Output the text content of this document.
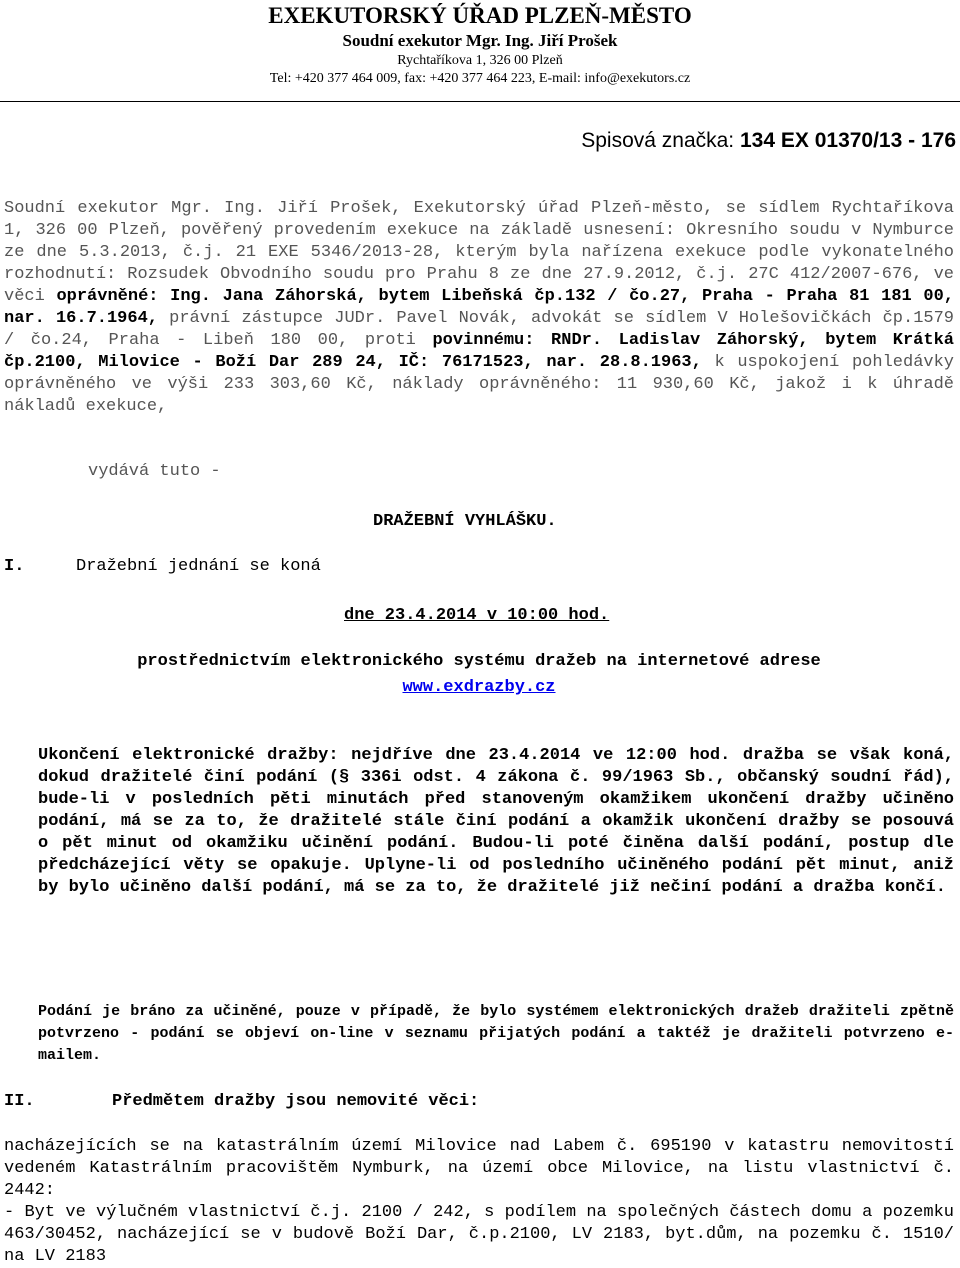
EXEKUTORSKÝ ÚŘAD PLZEŇ-MĚSTO
Soudní exekutor Mgr. Ing. Jiří Prošek
Rychtaříkova 1, 326 00 Plzeň
Tel: +420 377 464 009, fax: +420 377 464 223, E-mail: info@exekutors.cz
Spisová značka: 134 EX 01370/13 - 176
Soudní exekutor Mgr. Ing. Jiří Prošek, Exekutorský úřad Plzeň-město, se sídlem Rychtaříkova 1, 326 00 Plzeň, pověřený provedením exekuce na základě usnesení: Okresního soudu v Nymburce ze dne 5.3.2013, č.j. 21 EXE 5346/2013-28, kterým byla nařízena exekuce podle vykonatelného rozhodnutí: Rozsudek Obvodního soudu pro Prahu 8 ze dne 27.9.2012, č.j. 27C 412/2007-676, ve věci oprávněné: Ing. Jana Záhorská, bytem Libeňská čp.132 / čo.27, Praha - Praha 81 181 00, nar. 16.7.1964, právní zástupce JUDr. Pavel Novák, advokát se sídlem V Holešovičkách čp.1579 / čo.24, Praha - Libeň 180 00, proti povinnému: RNDr. Ladislav Záhorský, bytem Krátká čp.2100, Milovice - Boží Dar 289 24, IČ: 76171523, nar. 28.8.1963, k uspokojení pohledávky oprávněného ve výši 233 303,60 Kč, náklady oprávněného: 11 930,60 Kč, jakož i k úhradě nákladů exekuce,
vydává tuto -
DRAŽEBNÍ VYHLÁŠKU.
I.	Dražební jednání se koná
dne 23.4.2014 v 10:00 hod.
prostřednictvím elektronického systému dražeb na internetové adrese
www.exdrazby.cz
Ukončení elektronické dražby: nejdříve dne 23.4.2014 ve 12:00 hod. dražba se však koná, dokud dražitelé činí podání (§ 336i odst. 4 zákona č. 99/1963 Sb., občanský soudní řád), bude-li v posledních pěti minutách před stanoveným okamžikem ukončení dražby učiněno podání, má se za to, že dražitelé stále činí podání a okamžik ukončení dražby se posouvá o pět minut od okamžiku učinění podání. Budou-li poté činěna další podání, postup dle předcházející věty se opakuje. Uplyne-li od posledního učiněného podání pět minut, aniž by bylo učiněno další podání, má se za to, že dražitelé již nečiní podání a dražba končí.
Podání je bráno za učiněné, pouze v případě, že bylo systémem elektronických dražeb dražiteli zpětně potvrzeno - podání se objeví on-line v seznamu přijatých podání a taktéž je dražiteli potvrzeno e-mailem.
II.	Předmětem dražby jsou nemovité věci:
nacházejících se na katastrálním území Milovice nad Labem č. 695190 v katastru nemovitostí vedeném Katastrálním pracovištěm Nymburk, na území obce Milovice, na listu vlastnictví č. 2442:
- Byt ve výlučném vlastnictví č.j. 2100 / 242, s podílem na společných částech domu a pozemku 463/30452, nacházející se v budově Boží Dar, č.p.2100, LV 2183, byt.dům, na pozemku č. 1510/ na LV 2183
